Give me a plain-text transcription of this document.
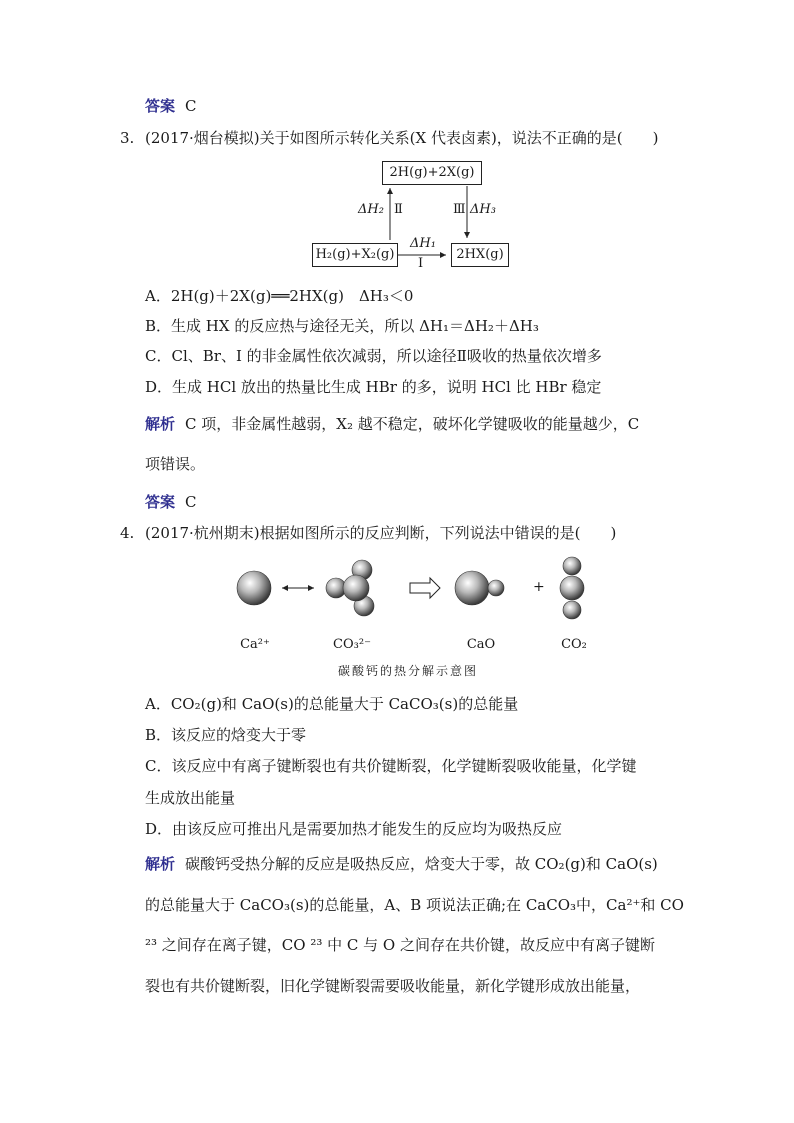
答案 C
3. (2017·烟台模拟)关于如图所示转化关系(X 代表卤素)，说法不正确的是(　　)
2H(g)+2X(g)
H₂(g)+X₂(g)	2HX(g)
ΔH₂ Ⅱ	Ⅲ ΔH₃
ΔH₁
Ⅰ
A．2H(g)＋2X(g)══2HX(g)　ΔH₃＜0
B．生成 HX 的反应热与途径无关，所以 ΔH₁＝ΔH₂＋ΔH₃
C．Cl、Br、I 的非金属性依次减弱，所以途径Ⅱ吸收的热量依次增多
D．生成 HCl 放出的热量比生成 HBr 的多，说明 HCl 比 HBr 稳定
解析 C 项，非金属性越弱，X₂ 越不稳定，破坏化学键吸收的能量越少，C
项错误。
答案 C
4. (2017·杭州期末)根据如图所示的反应判断，下列说法中错误的是(　　)
+
Ca²⁺	CO₃²⁻	CaO	CO₂
碳酸钙的热分解示意图
A．CO₂(g)和 CaO(s)的总能量大于 CaCO₃(s)的总能量
B．该反应的焓变大于零
C．该反应中有离子键断裂也有共价键断裂，化学键断裂吸收能量，化学键
生成放出能量
D．由该反应可推出凡是需要加热才能发生的反应均为吸热反应
解析 碳酸钙受热分解的反应是吸热反应，焓变大于零，故 CO₂(g)和 CaO(s)
的总能量大于 CaCO₃(s)的总能量，A、B 项说法正确;在 CaCO₃中，Ca²⁺和 CO
²³ 之间存在离子键，CO ²³ 中 C 与 O 之间存在共价键，故反应中有离子键断
裂也有共价键断裂，旧化学键断裂需要吸收能量，新化学键形成放出能量，
